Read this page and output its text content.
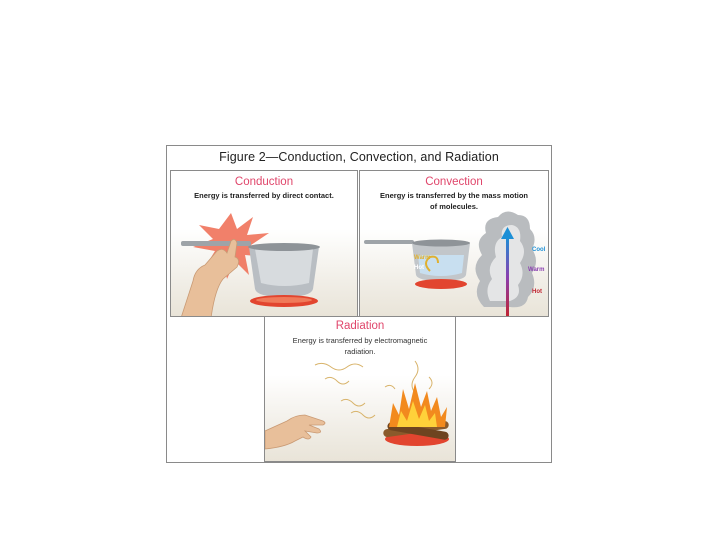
Figure 2—Conduction, Convection, and Radiation
Conduction
Energy is transferred by direct contact.
Convection
Energy is transferred by the mass motion of molecules.
Warm
Hot
Cool
Warm
Hot
Radiation
Energy is transferred by electromagnetic radiation.
